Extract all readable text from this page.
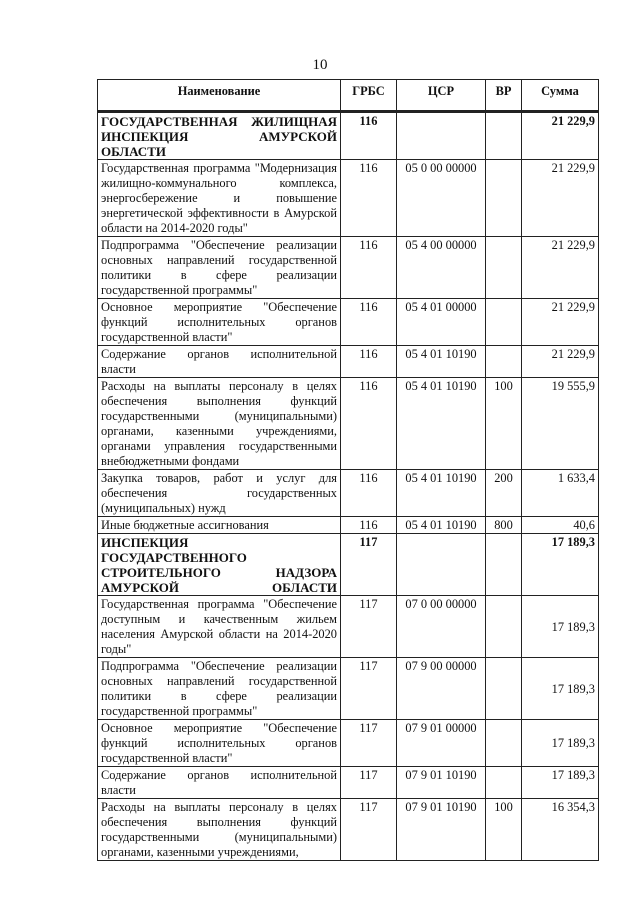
10
Наименование	ГРБС	ЦСР	ВР	Сумма
ГОСУДАРСТВЕННАЯ ЖИЛИЩНАЯ ИНСПЕКЦИЯ АМУРСКОЙ ОБЛАСТИ	116			21 229,9
Государственная программа "Модернизация жилищно-коммунального комплекса, энергосбережение и повышение энергетической эффективности в Амурской области на 2014-2020 годы"	116	05 0 00 00000		21 229,9
Подпрограмма "Обеспечение реализации основных направлений государственной политики в сфере реализации государственной программы"	116	05 4 00 00000		21 229,9
Основное мероприятие "Обеспечение функций исполнительных органов государственной власти"	116	05 4 01 00000		21 229,9
Содержание органов исполнительной власти	116	05 4 01 10190		21 229,9
Расходы на выплаты персоналу в целях обеспечения выполнения функций государственными (муниципальными) органами, казенными учреждениями, органами управления государственными внебюджетными фондами	116	05 4 01 10190	100	19 555,9
Закупка товаров, работ и услуг для обеспечения государственных (муниципальных) нужд	116	05 4 01 10190	200	1 633,4
Иные бюджетные ассигнования	116	05 4 01 10190	800	40,6
ИНСПЕКЦИЯ ГОСУДАРСТВЕННОГО СТРОИТЕЛЬНОГО НАДЗОРА АМУРСКОЙ ОБЛАСТИ	117			17 189,3
Государственная программа "Обеспечение доступным и качественным жильем населения Амурской области на 2014-2020 годы"	117	07 0 00 00000		17 189,3
Подпрограмма "Обеспечение реализации основных направлений государственной политики в сфере реализации государственной программы"	117	07 9 00 00000		17 189,3
Основное мероприятие "Обеспечение функций исполнительных органов государственной власти"	117	07 9 01 00000		17 189,3
Содержание органов исполнительной власти	117	07 9 01 10190		17 189,3
Расходы на выплаты персоналу в целях обеспечения выполнения функций государственными (муниципальными) органами, казенными учреждениями,	117	07 9 01 10190	100	16 354,3
